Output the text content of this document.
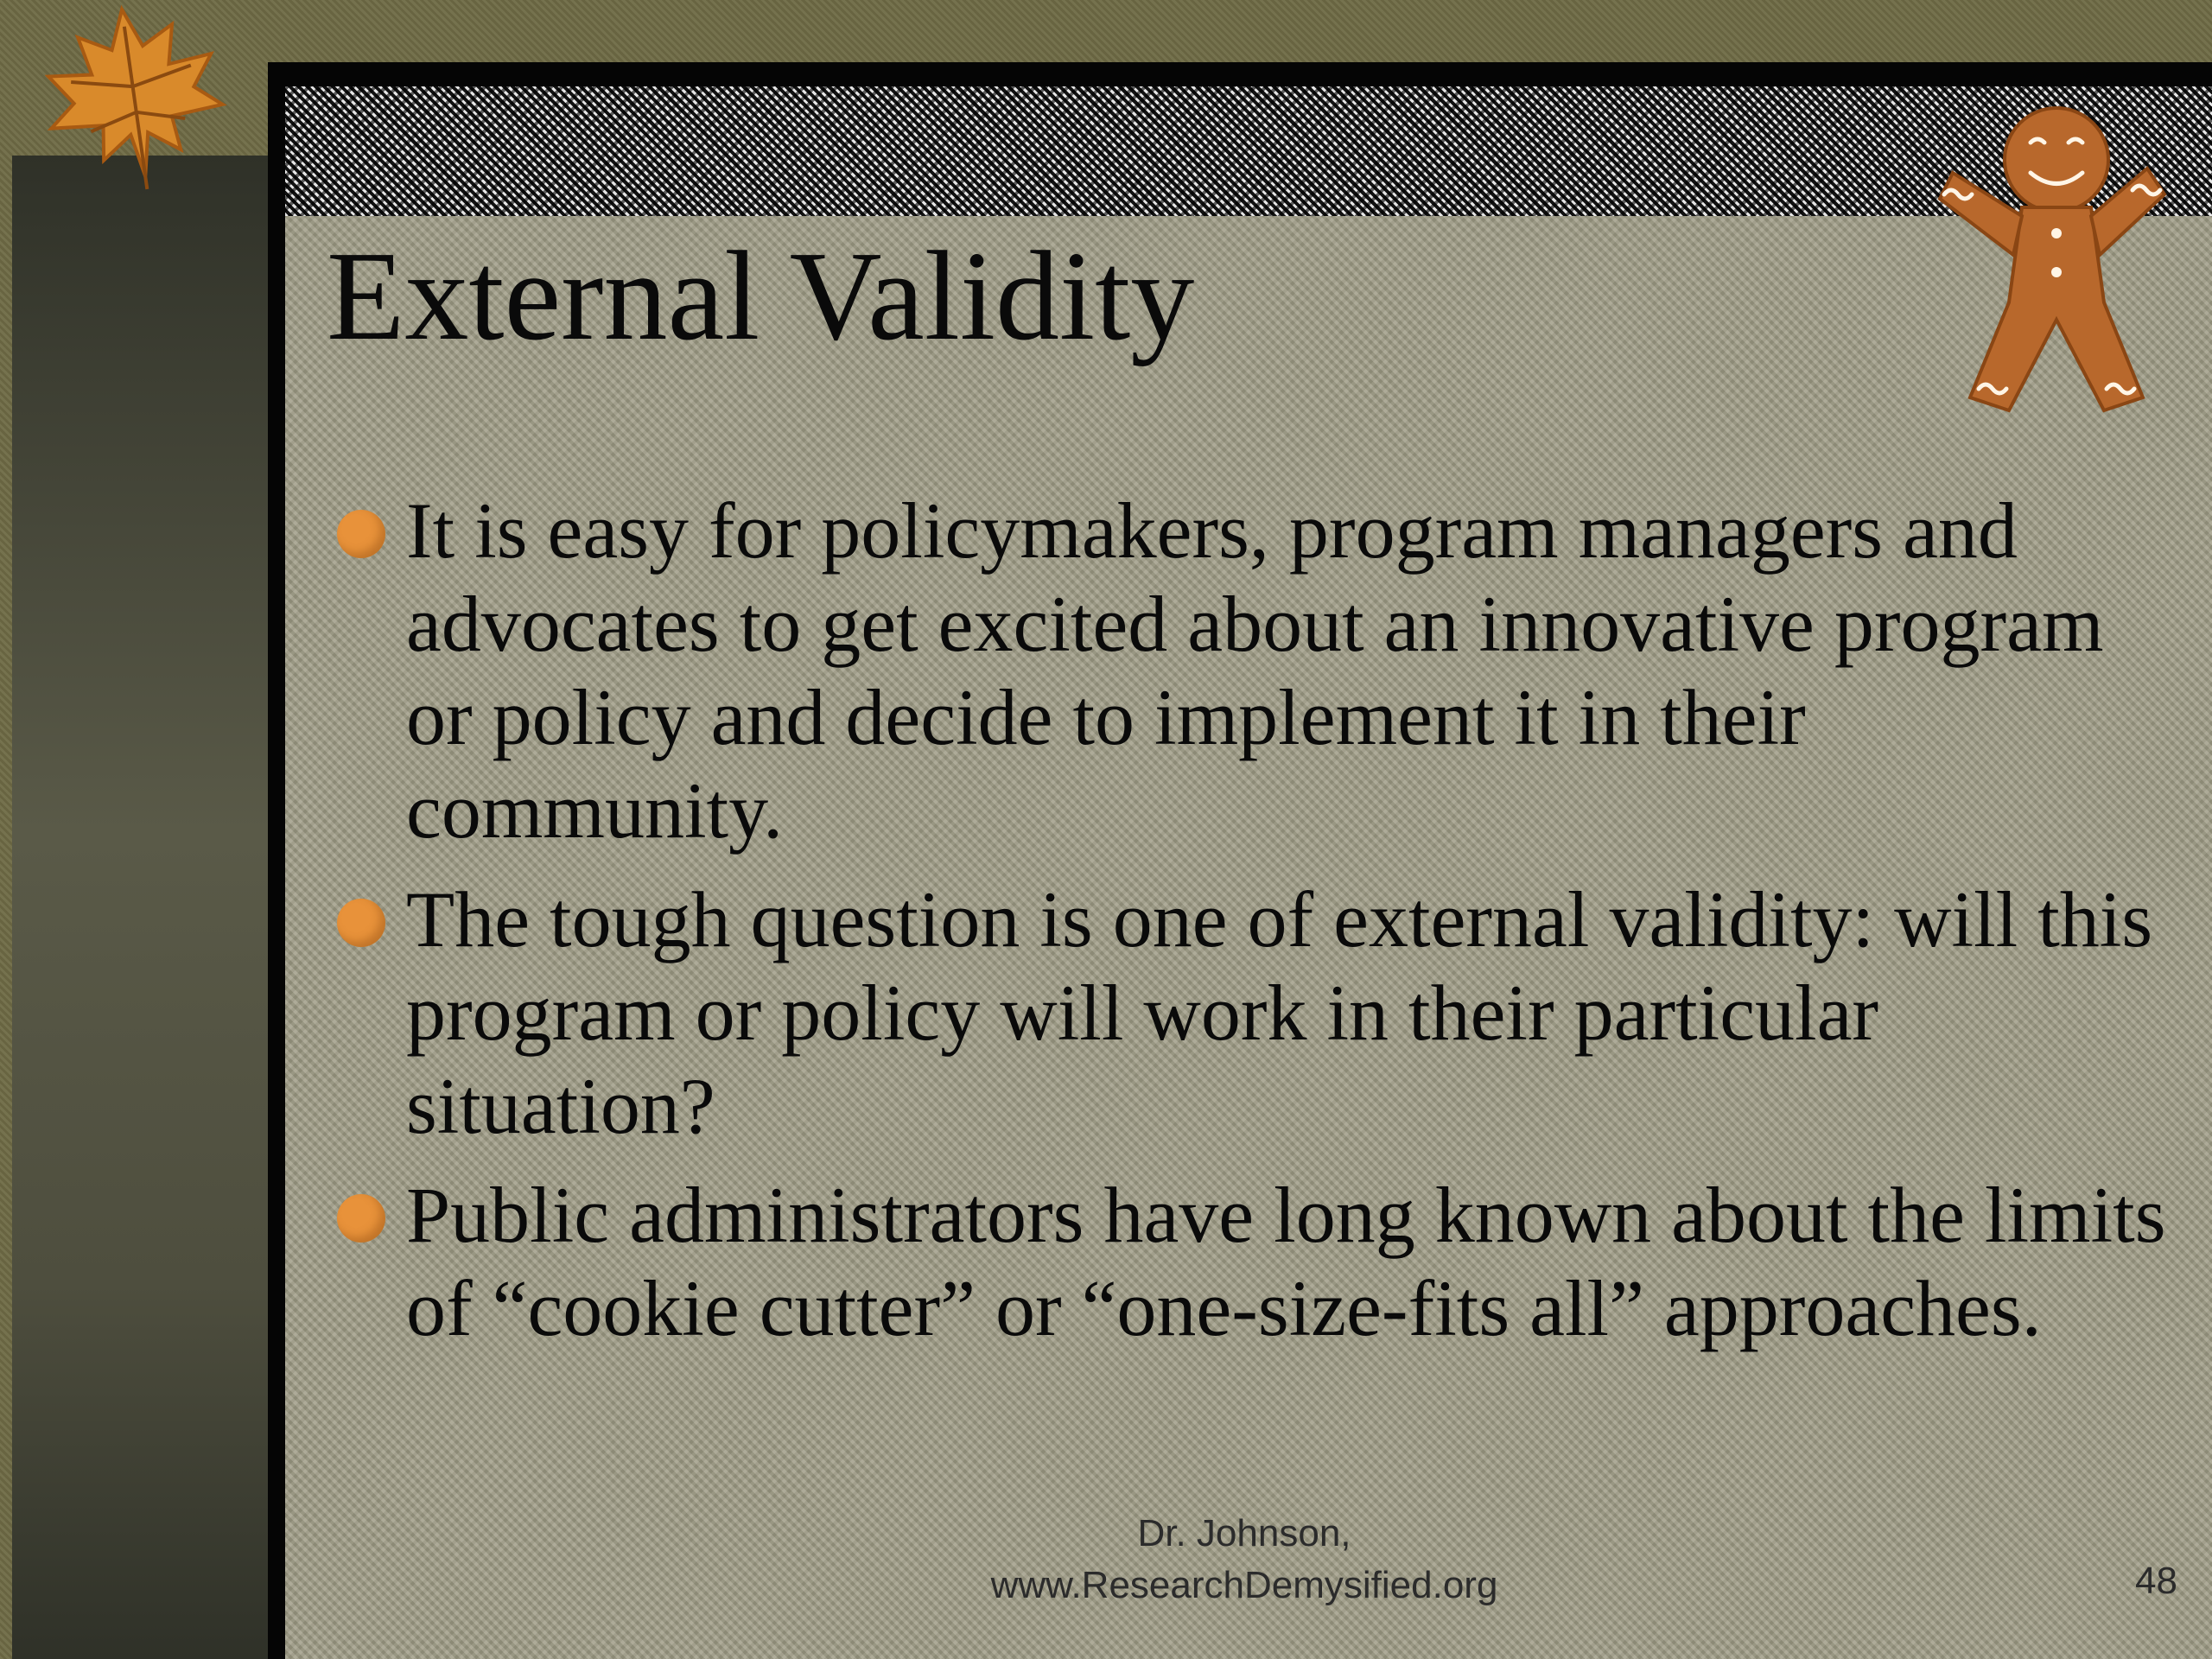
External Validity
It is easy for policymakers, program managers and advocates to get excited about an innovative program or policy and decide to implement it in their community.
The tough question is one of external validity: will this program or policy will work in their particular situation?
Public administrators have long known about the limits of “cookie cutter” or “one-size-fits all” approaches.
Dr. Johnson,
www.ResearchDemysified.org	48
